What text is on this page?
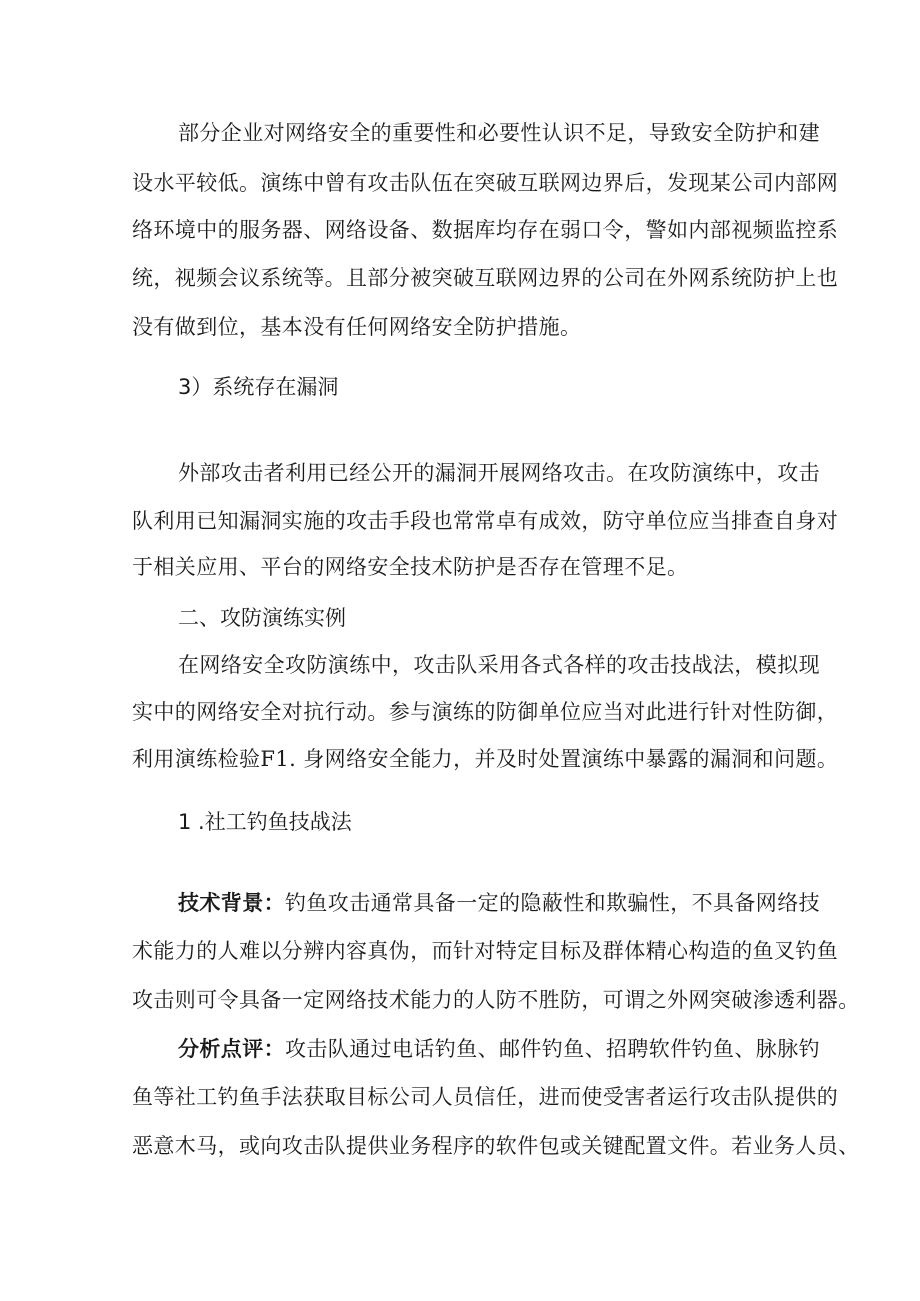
部分企业对网络安全的重要性和必要性认识不足，导致安全防护和建
设水平较低。演练中曾有攻击队伍在突破互联网边界后，发现某公司内部网
络环境中的服务器、网络设备、数据库均存在弱口令，警如内部视频监控系
统，视频会议系统等。且部分被突破互联网边界的公司在外网系统防护上也
没有做到位，基本没有任何网络安全防护措施。
3）系统存在漏洞
外部攻击者利用已经公开的漏洞开展网络攻击。在攻防演练中，攻击
队利用已知漏洞实施的攻击手段也常常卓有成效，防守单位应当排查自身对
于相关应用、平台的网络安全技术防护是否存在管理不足。
二、攻防演练实例
在网络安全攻防演练中，攻击队采用各式各样的攻击技战法，模拟现
实中的网络安全对抗行动。参与演练的防御单位应当对此进行针对性防御，
利用演练检验F1. 身网络安全能力，并及时处置演练中暴露的漏洞和问题。
1 .社工钓鱼技战法
技术背景：钓鱼攻击通常具备一定的隐蔽性和欺骗性，不具备网络技
术能力的人难以分辨内容真伪，而针对特定目标及群体精心构造的鱼叉钓鱼
攻击则可令具备一定网络技术能力的人防不胜防，可谓之外网突破渗透利器。
分析点评：攻击队通过电话钓鱼、邮件钓鱼、招聘软件钓鱼、脉脉钓
鱼等社工钓鱼手法获取目标公司人员信任，进而使受害者运行攻击队提供的
恶意木马，或向攻击队提供业务程序的软件包或关键配置文件。若业务人员、
